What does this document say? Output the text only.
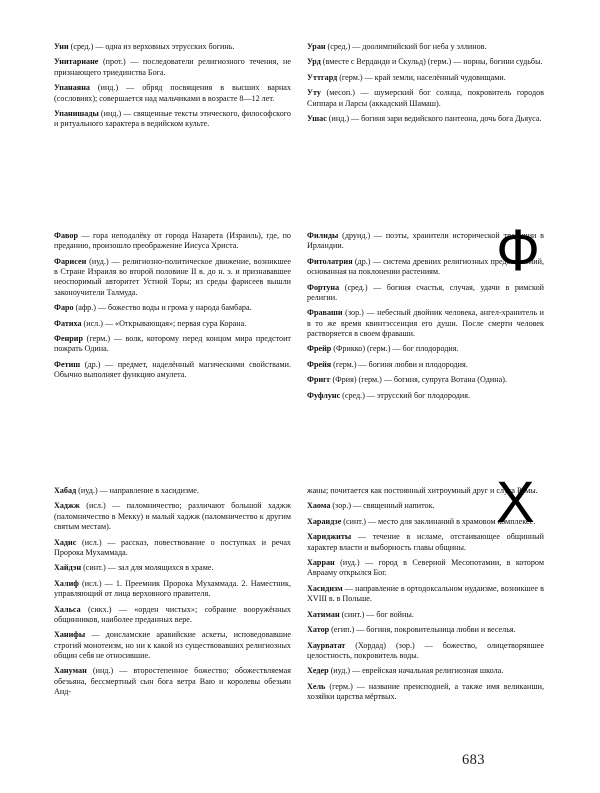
Уни (сред.) — одна из верховных этрусских богинь.

Унитариане (прот.) — последователи религиозного течения, не признающего триединства Бога.

Упанаяна (инд.) — обряд посвящения в высших варнах (сословиях); совершается над мальчиками в возрасте 8—12 лет.

Упанишады (инд.) — священные тексты этического, философского и ритуального характера в ведийском культе.

Уран (сред.) — доолимпийский бог неба у эллинов.

Урд (вместе с Верданди и Скульд) (герм.) — норны, богини судьбы.

Уттгард (герм.) — край земли, населённый чудовищами.

Уту (месоп.) — шумерский бог солнца, покровитель городов Сиппара и Ларсы (аккадский Шамаш).

Ушас (инд.) — богиня зари ведийского пантеона, дочь бога Дьяуса.

Фавор — гора неподалёку от города Назарета (Израиль), где, по преданию, произошло преображение Иисуса Христа.

Фарисеи (иуд.) — религиозно-политическое движение, возникшее в Стране Израиля во второй половине II в. до н. э. и признававшее неоспоримый авторитет Устной Торы; из среды фарисеев вышли законоучители Талмуда.

Фаро (афр.) — божество воды и грома у народа бамбара.

Фатиха (исл.) — «Открывающая»; первая сура Корана.

Фенрир (герм.) — волк, которому перед концом мира предстоит пожрать Одина.

Фетиш (др.) — предмет, наделённый магическими свойствами. Обычно выполняет функцию амулета.

Филиды (друид.) — поэты, хранители исторической традиции в Ирландии.

Фитолатрия (др.) — система древних религиозных представлений, основанная на поклонении растениям.

Фортуна (сред.) — богиня счастья, случая, удачи в римской религии.

Фраваши (зор.) — небесный двойник человека, ангел-хранитель и в то же время квинтэссенция его души. После смерти человек растворяется в своем фраваши.

Фрейр (Фрикко) (герм.) — бог плодородия.

Фрейя (герм.) — богиня любви и плодородия.

Фригг (Фрия) (герм.) — богиня, супруга Вотана (Одина).

Фуфлунс (сред.) — этрусский бог плодородия.

Хабад (иуд.) — направление в хасидизме.

Хаджж (исл.) — паломничество; различают большой хаджж (паломничество в Мекку) и малый хаджж (паломничество к другим святым местам).

Хадис (исл.) — рассказ, повествование о поступках и речах Пророка Мухаммада.

Хайдэн (синт.) — зал для молящихся в храме.

Халиф (исл.) — 1. Преемник Пророка Мухаммада. 2. Наместник, управляющий от лица верховного правителя.

Хальса (сикх.) — «орден чистых»; собрание вооружённых общинников, наиболее преданных вере.

Ханифы — доисламские аравийские аскеты, исповедовавшие строгий монотеизм, но ни к какой из существовавших религиозных общин себя не относившие.

Хануман (инд.) — второстепенное божество; обожествляемая обезьяна, бессмертный сын бога ветра Ваю и королевы обезьян Анд-

жаны; почитается как постоянный хитроумный друг и слуга Рамы.

Хаома (зор.) — священный напиток.

Хараидзе (синт.) — место для заклинаний в храмовом комплексе.

Хариджиты — течение в исламе, отстаивающее общинный характер власти и выборность главы общины.

Харран (иуд.) — город в Северной Месопотамии, в котором Аврааму открылся Бог.

Хасидизм — направление в ортодоксальном иудаизме, возникшее в XVIII в. в Польше.

Хатиман (синт.) — бог войны.

Хатор (егип.) — богиня, покровительница любви и веселья.

Хаурватат (Хордад) (зор.) — божество, олицетворявшее целостность, покровитель воды.

Хедер (иуд.) — еврейская начальная религиозная школа.

Хель (герм.) — название преисподней, а также имя великанши, хозяйки царства мёртвых.

Ф
Х
683
